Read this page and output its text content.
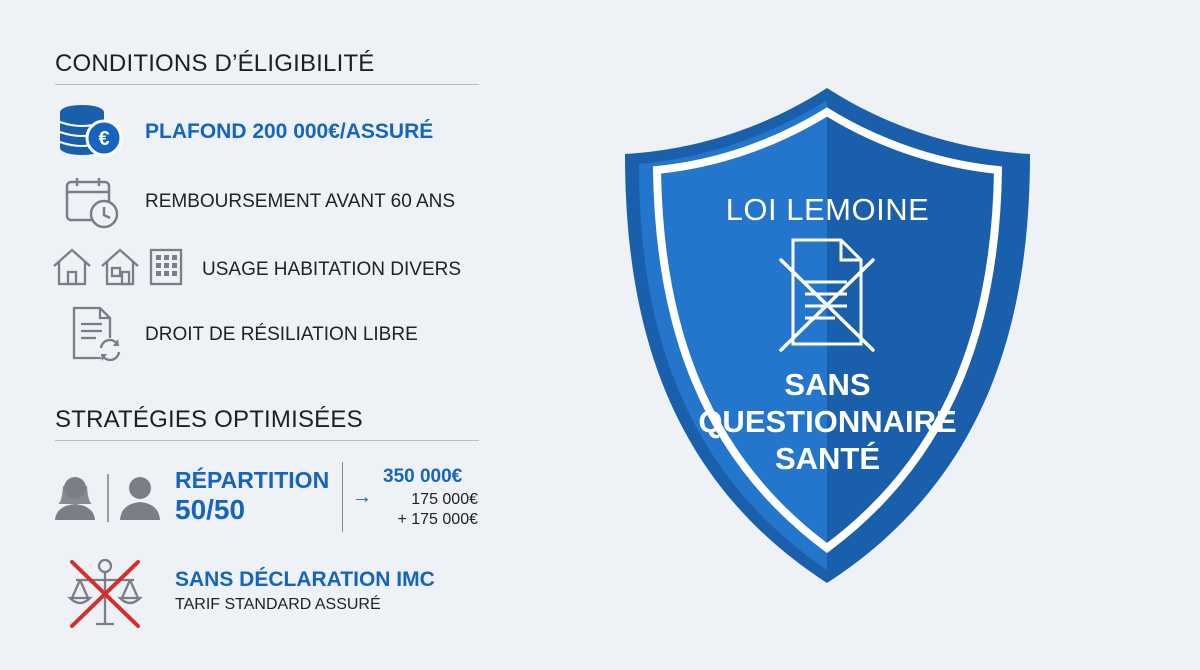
CONDITIONS D’ÉLIGIBILITÉ
€ PLAFOND 200 000€/ASSURÉ
REMBOURSEMENT AVANT 60 ANS
USAGE HABITATION DIVERS
DROIT DE RÉSILIATION LIBRE
STRATÉGIES OPTIMISÉES
RÉPARTITION
50/50	→
350 000€
175 000€
+ 175 000€
SANS DÉCLARATION IMC
TARIF STANDARD ASSURÉ
LOI LEMOINE
SANS
QUESTIONNAIRE
SANTÉ
